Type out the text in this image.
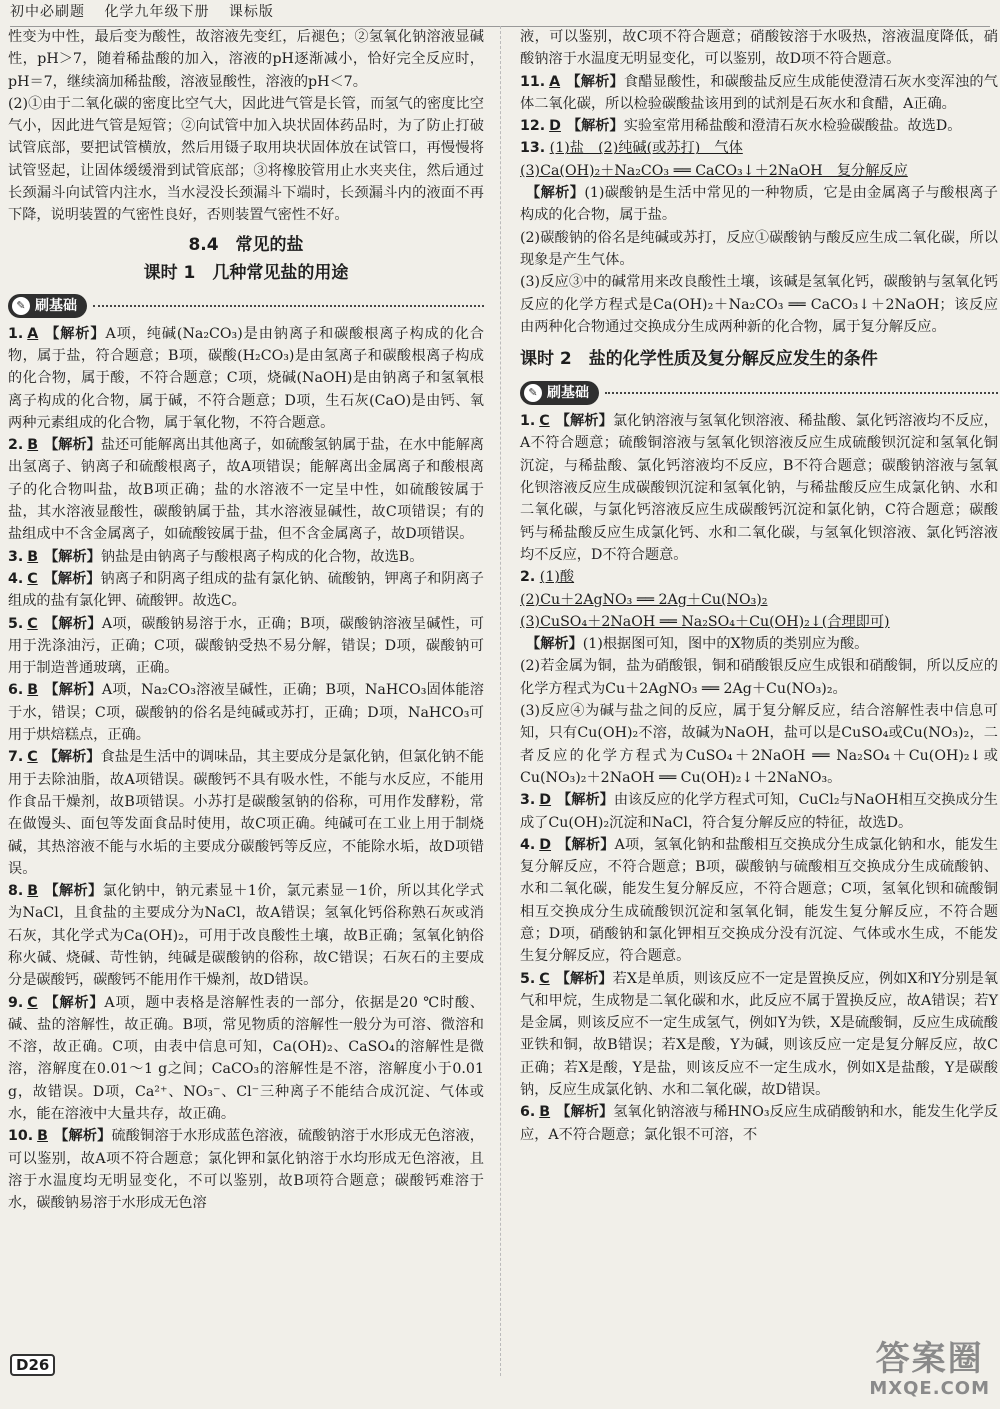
初中必刷题 化学九年级下册 课标版

性变为中性，最后变为酸性，故溶液先变红，后褪色；②氢氧化钠溶液显碱性，pH＞7，随着稀盐酸的加入，溶液的pH逐渐减小，恰好完全反应时，pH＝7，继续滴加稀盐酸，溶液显酸性，溶液的pH＜7。

(2)①由于二氧化碳的密度比空气大，因此进气管是长管，而氢气的密度比空气小，因此进气管是短管；②向试管中加入块状固体药品时，为了防止打破试管底部，要把试管横放，然后用镊子取用块状固体放在试管口，再慢慢将试管竖起，让固体缓缓滑到试管底部；③将橡胶管用止水夹夹住，然后通过长颈漏斗向试管内注水，当水浸没长颈漏斗下端时，长颈漏斗内的液面不再下降，说明装置的气密性良好，否则装置气密性不好。

8.4　常见的盐
课时 1　几种常见盐的用途
✎ 刷基础

1. A 【解析】A项，纯碱(Na₂CO₃)是由钠离子和碳酸根离子构成的化合物，属于盐，符合题意；B项，碳酸(H₂CO₃)是由氢离子和碳酸根离子构成的化合物，属于酸，不符合题意；C项，烧碱(NaOH)是由钠离子和氢氧根离子构成的化合物，属于碱，不符合题意；D项，生石灰(CaO)是由钙、氧两种元素组成的化合物，属于氧化物，不符合题意。

2. B 【解析】盐还可能解离出其他离子，如硫酸氢钠属于盐，在水中能解离出氢离子、钠离子和硫酸根离子，故A项错误；能解离出金属离子和酸根离子的化合物叫盐，故B项正确；盐的水溶液不一定呈中性，如硫酸铵属于盐，其水溶液显酸性，碳酸钠属于盐，其水溶液显碱性，故C项错误；有的盐组成中不含金属离子，如硫酸铵属于盐，但不含金属离子，故D项错误。

3. B 【解析】钠盐是由钠离子与酸根离子构成的化合物，故选B。

4. C 【解析】钠离子和阴离子组成的盐有氯化钠、硫酸钠，钾离子和阴离子组成的盐有氯化钾、硫酸钾。故选C。

5. C 【解析】A项，碳酸钠易溶于水，正确；B项，碳酸钠溶液呈碱性，可用于洗涤油污，正确；C项，碳酸钠受热不易分解，错误；D项，碳酸钠可用于制造普通玻璃，正确。

6. B 【解析】A项，Na₂CO₃溶液呈碱性，正确；B项，NaHCO₃固体能溶于水，错误；C项，碳酸钠的俗名是纯碱或苏打，正确；D项，NaHCO₃可用于烘焙糕点，正确。

7. C 【解析】食盐是生活中的调味品，其主要成分是氯化钠，但氯化钠不能用于去除油脂，故A项错误。碳酸钙不具有吸水性，不能与水反应，不能用作食品干燥剂，故B项错误。小苏打是碳酸氢钠的俗称，可用作发酵粉，常在做馒头、面包等发面食品时使用，故C项正确。纯碱可在工业上用于制烧碱，其热溶液不能与水垢的主要成分碳酸钙等反应，不能除水垢，故D项错误。

8. B 【解析】氯化钠中，钠元素显＋1价，氯元素显－1价，所以其化学式为NaCl，且食盐的主要成分为NaCl，故A错误；氢氧化钙俗称熟石灰或消石灰，其化学式为Ca(OH)₂，可用于改良酸性土壤，故B正确；氢氧化钠俗称火碱、烧碱、苛性钠，纯碱是碳酸钠的俗称，故C错误；石灰石的主要成分是碳酸钙，碳酸钙不能用作干燥剂，故D错误。

9. C 【解析】A项，题中表格是溶解性表的一部分，依据是20 ℃时酸、碱、盐的溶解性，故正确。B项，常见物质的溶解性一般分为可溶、微溶和不溶，故正确。C项，由表中信息可知，Ca(OH)₂、CaSO₄的溶解性是微溶，溶解度在0.01～1 g之间；CaCO₃的溶解性是不溶，溶解度小于0.01 g，故错误。D项，Ca²⁺、NO₃⁻、Cl⁻三种离子不能结合成沉淀、气体或水，能在溶液中大量共存，故正确。

10. B 【解析】硫酸铜溶于水形成蓝色溶液，硫酸钠溶于水形成无色溶液，可以鉴别，故A项不符合题意；氯化钾和氯化钠溶于水均形成无色溶液，且溶于水温度均无明显变化，不可以鉴别，故B项符合题意；碳酸钙难溶于水，碳酸钠易溶于水形成无色溶

液，可以鉴别，故C项不符合题意；硝酸铵溶于水吸热，溶液温度降低，硝酸钠溶于水温度无明显变化，可以鉴别，故D项不符合题意。

11. A 【解析】食醋显酸性，和碳酸盐反应生成能使澄清石灰水变浑浊的气体二氧化碳，所以检验碳酸盐该用到的试剂是石灰水和食醋，A正确。

12. D 【解析】实验室常用稀盐酸和澄清石灰水检验碳酸盐。故选D。

13. (1)盐　(2)纯碱(或苏打)　气体

(3)Ca(OH)₂＋Na₂CO₃ ══ CaCO₃↓＋2NaOH　复分解反应

【解析】(1)碳酸钠是生活中常见的一种物质，它是由金属离子与酸根离子构成的化合物，属于盐。

(2)碳酸钠的俗名是纯碱或苏打，反应①碳酸钠与酸反应生成二氧化碳，所以现象是产生气体。

(3)反应③中的碱常用来改良酸性土壤，该碱是氢氧化钙，碳酸钠与氢氧化钙反应的化学方程式是Ca(OH)₂＋Na₂CO₃ ══ CaCO₃↓＋2NaOH；该反应由两种化合物通过交换成分生成两种新的化合物，属于复分解反应。

课时 2　盐的化学性质及复分解反应发生的条件
✎ 刷基础

1. C 【解析】氯化钠溶液与氢氧化钡溶液、稀盐酸、氯化钙溶液均不反应，A不符合题意；硫酸铜溶液与氢氧化钡溶液反应生成硫酸钡沉淀和氢氧化铜沉淀，与稀盐酸、氯化钙溶液均不反应，B不符合题意；碳酸钠溶液与氢氧化钡溶液反应生成碳酸钡沉淀和氢氧化钠，与稀盐酸反应生成氯化钠、水和二氧化碳，与氯化钙溶液反应生成碳酸钙沉淀和氯化钠，C符合题意；碳酸钙与稀盐酸反应生成氯化钙、水和二氧化碳，与氢氧化钡溶液、氯化钙溶液均不反应，D不符合题意。

2. (1)酸

(2)Cu＋2AgNO₃ ══ 2Ag＋Cu(NO₃)₂

(3)CuSO₄＋2NaOH ══ Na₂SO₄＋Cu(OH)₂↓(合理即可)

【解析】(1)根据图可知，图中的X物质的类别应为酸。

(2)若金属为铜，盐为硝酸银，铜和硝酸银反应生成银和硝酸铜，所以反应的化学方程式为Cu＋2AgNO₃ ══ 2Ag＋Cu(NO₃)₂。

(3)反应④为碱与盐之间的反应，属于复分解反应，结合溶解性表中信息可知，只有Cu(OH)₂不溶，故碱为NaOH，盐可以是CuSO₄或Cu(NO₃)₂，二者反应的化学方程式为CuSO₄＋2NaOH ══ Na₂SO₄＋Cu(OH)₂↓或Cu(NO₃)₂＋2NaOH ══ Cu(OH)₂↓＋2NaNO₃。

3. D 【解析】由该反应的化学方程式可知，CuCl₂与NaOH相互交换成分生成了Cu(OH)₂沉淀和NaCl，符合复分解反应的特征，故选D。

4. D 【解析】A项，氢氧化钠和盐酸相互交换成分生成氯化钠和水，能发生复分解反应，不符合题意；B项，碳酸钠与硫酸相互交换成分生成硫酸钠、水和二氧化碳，能发生复分解反应，不符合题意；C项，氢氧化钡和硫酸铜相互交换成分生成硫酸钡沉淀和氢氧化铜，能发生复分解反应，不符合题意；D项，硝酸钠和氯化钾相互交换成分没有沉淀、气体或水生成，不能发生复分解反应，符合题意。

5. C 【解析】若X是单质，则该反应不一定是置换反应，例如X和Y分别是氧气和甲烷，生成物是二氧化碳和水，此反应不属于置换反应，故A错误；若Y是金属，则该反应不一定生成氢气，例如Y为铁，X是硫酸铜，反应生成硫酸亚铁和铜，故B错误；若X是酸，Y为碱，则该反应一定是复分解反应，故C正确；若X是酸，Y是盐，则该反应不一定生成水，例如X是盐酸，Y是碳酸钠，反应生成氯化钠、水和二氧化碳，故D错误。

6. B 【解析】氢氧化钠溶液与稀HNO₃反应生成硝酸钠和水，能发生化学反应，A不符合题意；氯化银不可溶，不

D26	答案圈
MXQE.COM
